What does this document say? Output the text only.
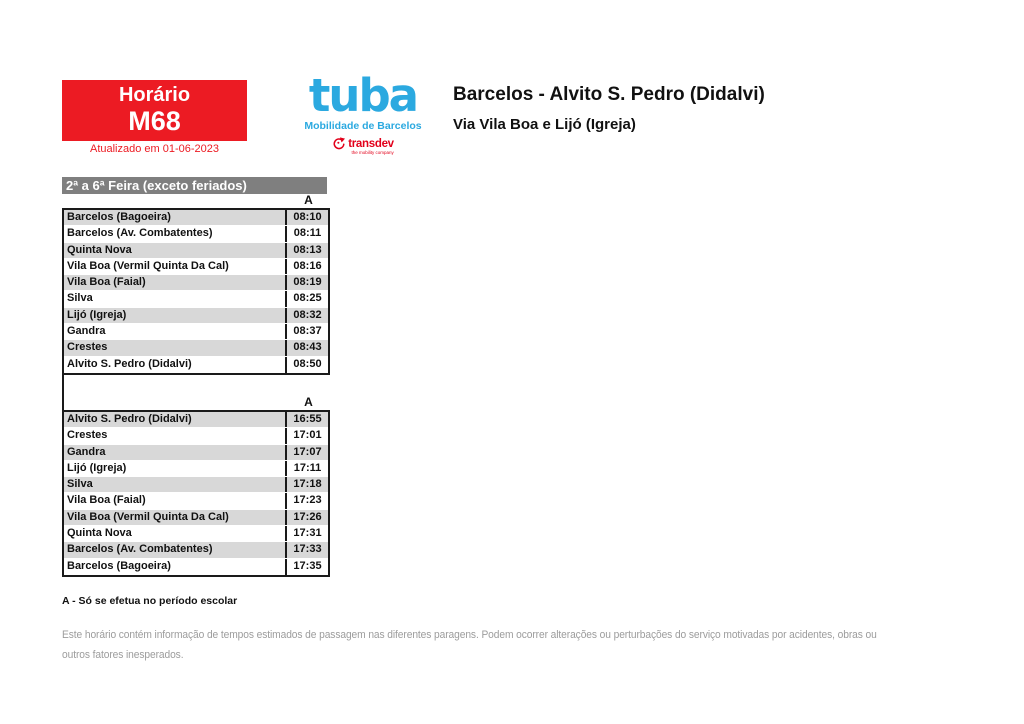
Horário
M68
Atualizado em 01-06-2023
tuba
Mobilidade de Barcelos
transdev
the mobility company
Barcelos - Alvito S. Pedro (Didalvi)
Via Vila Boa e Lijó (Igreja)
2ª a 6ª Feira (exceto feriados)
A
Barcelos (Bagoeira)	08:10
Barcelos (Av. Combatentes)	08:11
Quinta Nova	08:13
Vila Boa (Vermil Quinta Da Cal)	08:16
Vila Boa (Faial)	08:19
Silva	08:25
Lijó (Igreja)	08:32
Gandra	08:37
Crestes	08:43
Alvito S. Pedro (Didalvi)	08:50
A
Alvito S. Pedro (Didalvi)	16:55
Crestes	17:01
Gandra	17:07
Lijó (Igreja)	17:11
Silva	17:18
Vila Boa (Faial)	17:23
Vila Boa (Vermil Quinta Da Cal)	17:26
Quinta Nova	17:31
Barcelos (Av. Combatentes)	17:33
Barcelos (Bagoeira)	17:35
A - Só se efetua no período escolar
Este horário contém informação de tempos estimados de passagem nas diferentes paragens. Podem ocorrer alterações ou perturbações do serviço motivadas por acidentes, obras ou
outros fatores inesperados.
